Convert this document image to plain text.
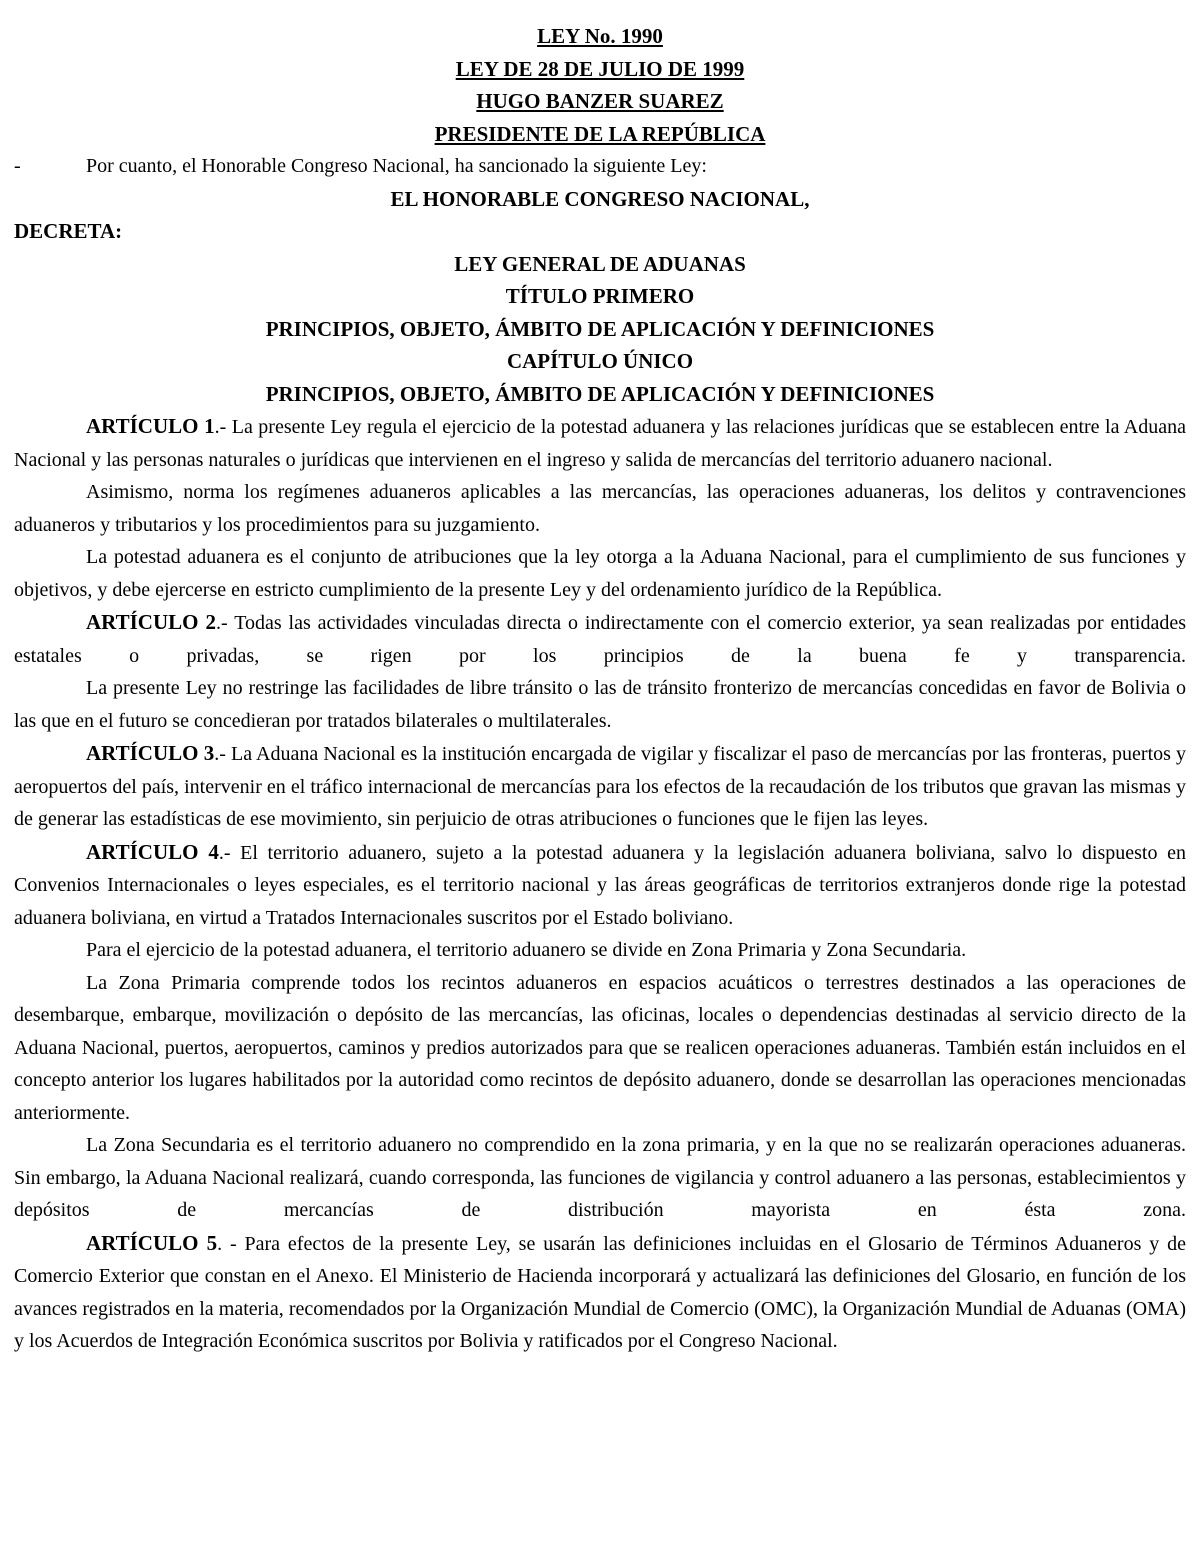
LEY No. 1990
LEY DE 28 DE JULIO DE 1999
HUGO BANZER SUAREZ
PRESIDENTE DE LA REPÚBLICA
-	Por cuanto, el Honorable Congreso Nacional, ha sancionado la siguiente Ley:
EL HONORABLE CONGRESO NACIONAL,
DECRETA:
LEY GENERAL DE ADUANAS
TÍTULO PRIMERO
PRINCIPIOS, OBJETO, ÁMBITO DE APLICACIÓN Y DEFINICIONES
CAPÍTULO ÚNICO
PRINCIPIOS, OBJETO, ÁMBITO DE APLICACIÓN Y DEFINICIONES

ARTÍCULO 1.- La presente Ley regula el ejercicio de la potestad aduanera y las relaciones jurídicas que se establecen entre la Aduana Nacional y las personas naturales o jurídicas que intervienen en el ingreso y salida de mercancías del territorio aduanero nacional.

Asimismo, norma los regímenes aduaneros aplicables a las mercancías, las operaciones aduaneras, los delitos y contravenciones aduaneros y tributarios y los procedimientos para su juzgamiento.

La potestad aduanera es el conjunto de atribuciones que la ley otorga a la Aduana Nacional, para el cumplimiento de sus funciones y objetivos, y debe ejercerse en estricto cumplimiento de la presente Ley y del ordenamiento jurídico de la República.

ARTÍCULO 2.- Todas las actividades vinculadas directa o indirectamente con el comercio exterior, ya sean realizadas por entidades estatales o privadas, se rigen por los principios de la buena fe y transparencia.

La presente Ley no restringe las facilidades de libre tránsito o las de tránsito fronterizo de mercancías concedidas en favor de Bolivia o las que en el futuro se concedieran por tratados bilaterales o multilaterales.

ARTÍCULO 3.- La Aduana Nacional es la institución encargada de vigilar y fiscalizar el paso de mercancías por las fronteras, puertos y aeropuertos del país, intervenir en el tráfico internacional de mercancías para los efectos de la recaudación de los tributos que gravan las mismas y de generar las estadísticas de ese movimiento, sin perjuicio de otras atribuciones o funciones que le fijen las leyes.

ARTÍCULO 4.- El territorio aduanero, sujeto a la potestad aduanera y la legislación aduanera boliviana, salvo lo dispuesto en Convenios Internacionales o leyes especiales, es el territorio nacional y las áreas geográficas de territorios extranjeros donde rige la potestad aduanera boliviana, en virtud a Tratados Internacionales suscritos por el Estado boliviano.

Para el ejercicio de la potestad aduanera, el territorio aduanero se divide en Zona Primaria y Zona Secundaria.

La Zona Primaria comprende todos los recintos aduaneros en espacios acuáticos o terrestres destinados a las operaciones de desembarque, embarque, movilización o depósito de las mercancías, las oficinas, locales o dependencias destinadas al servicio directo de la Aduana Nacional, puertos, aeropuertos, caminos y predios autorizados para que se realicen operaciones aduaneras. También están incluidos en el concepto anterior los lugares habilitados por la autoridad como recintos de depósito aduanero, donde se desarrollan las operaciones mencionadas anteriormente.

La Zona Secundaria es el territorio aduanero no comprendido en la zona primaria, y en la que no se realizarán operaciones aduaneras. Sin embargo, la Aduana Nacional realizará, cuando corresponda, las funciones de vigilancia y control aduanero a las personas, establecimientos y depósitos de mercancías de distribución mayorista en ésta zona.

ARTÍCULO 5. - Para efectos de la presente Ley, se usarán las definiciones incluidas en el Glosario de Términos Aduaneros y de Comercio Exterior que constan en el Anexo. El Ministerio de Hacienda incorporará y actualizará las definiciones del Glosario, en función de los avances registrados en la materia, recomendados por la Organización Mundial de Comercio (OMC), la Organización Mundial de Aduanas (OMA) y los Acuerdos de Integración Económica suscritos por Bolivia y ratificados por el Congreso Nacional.
